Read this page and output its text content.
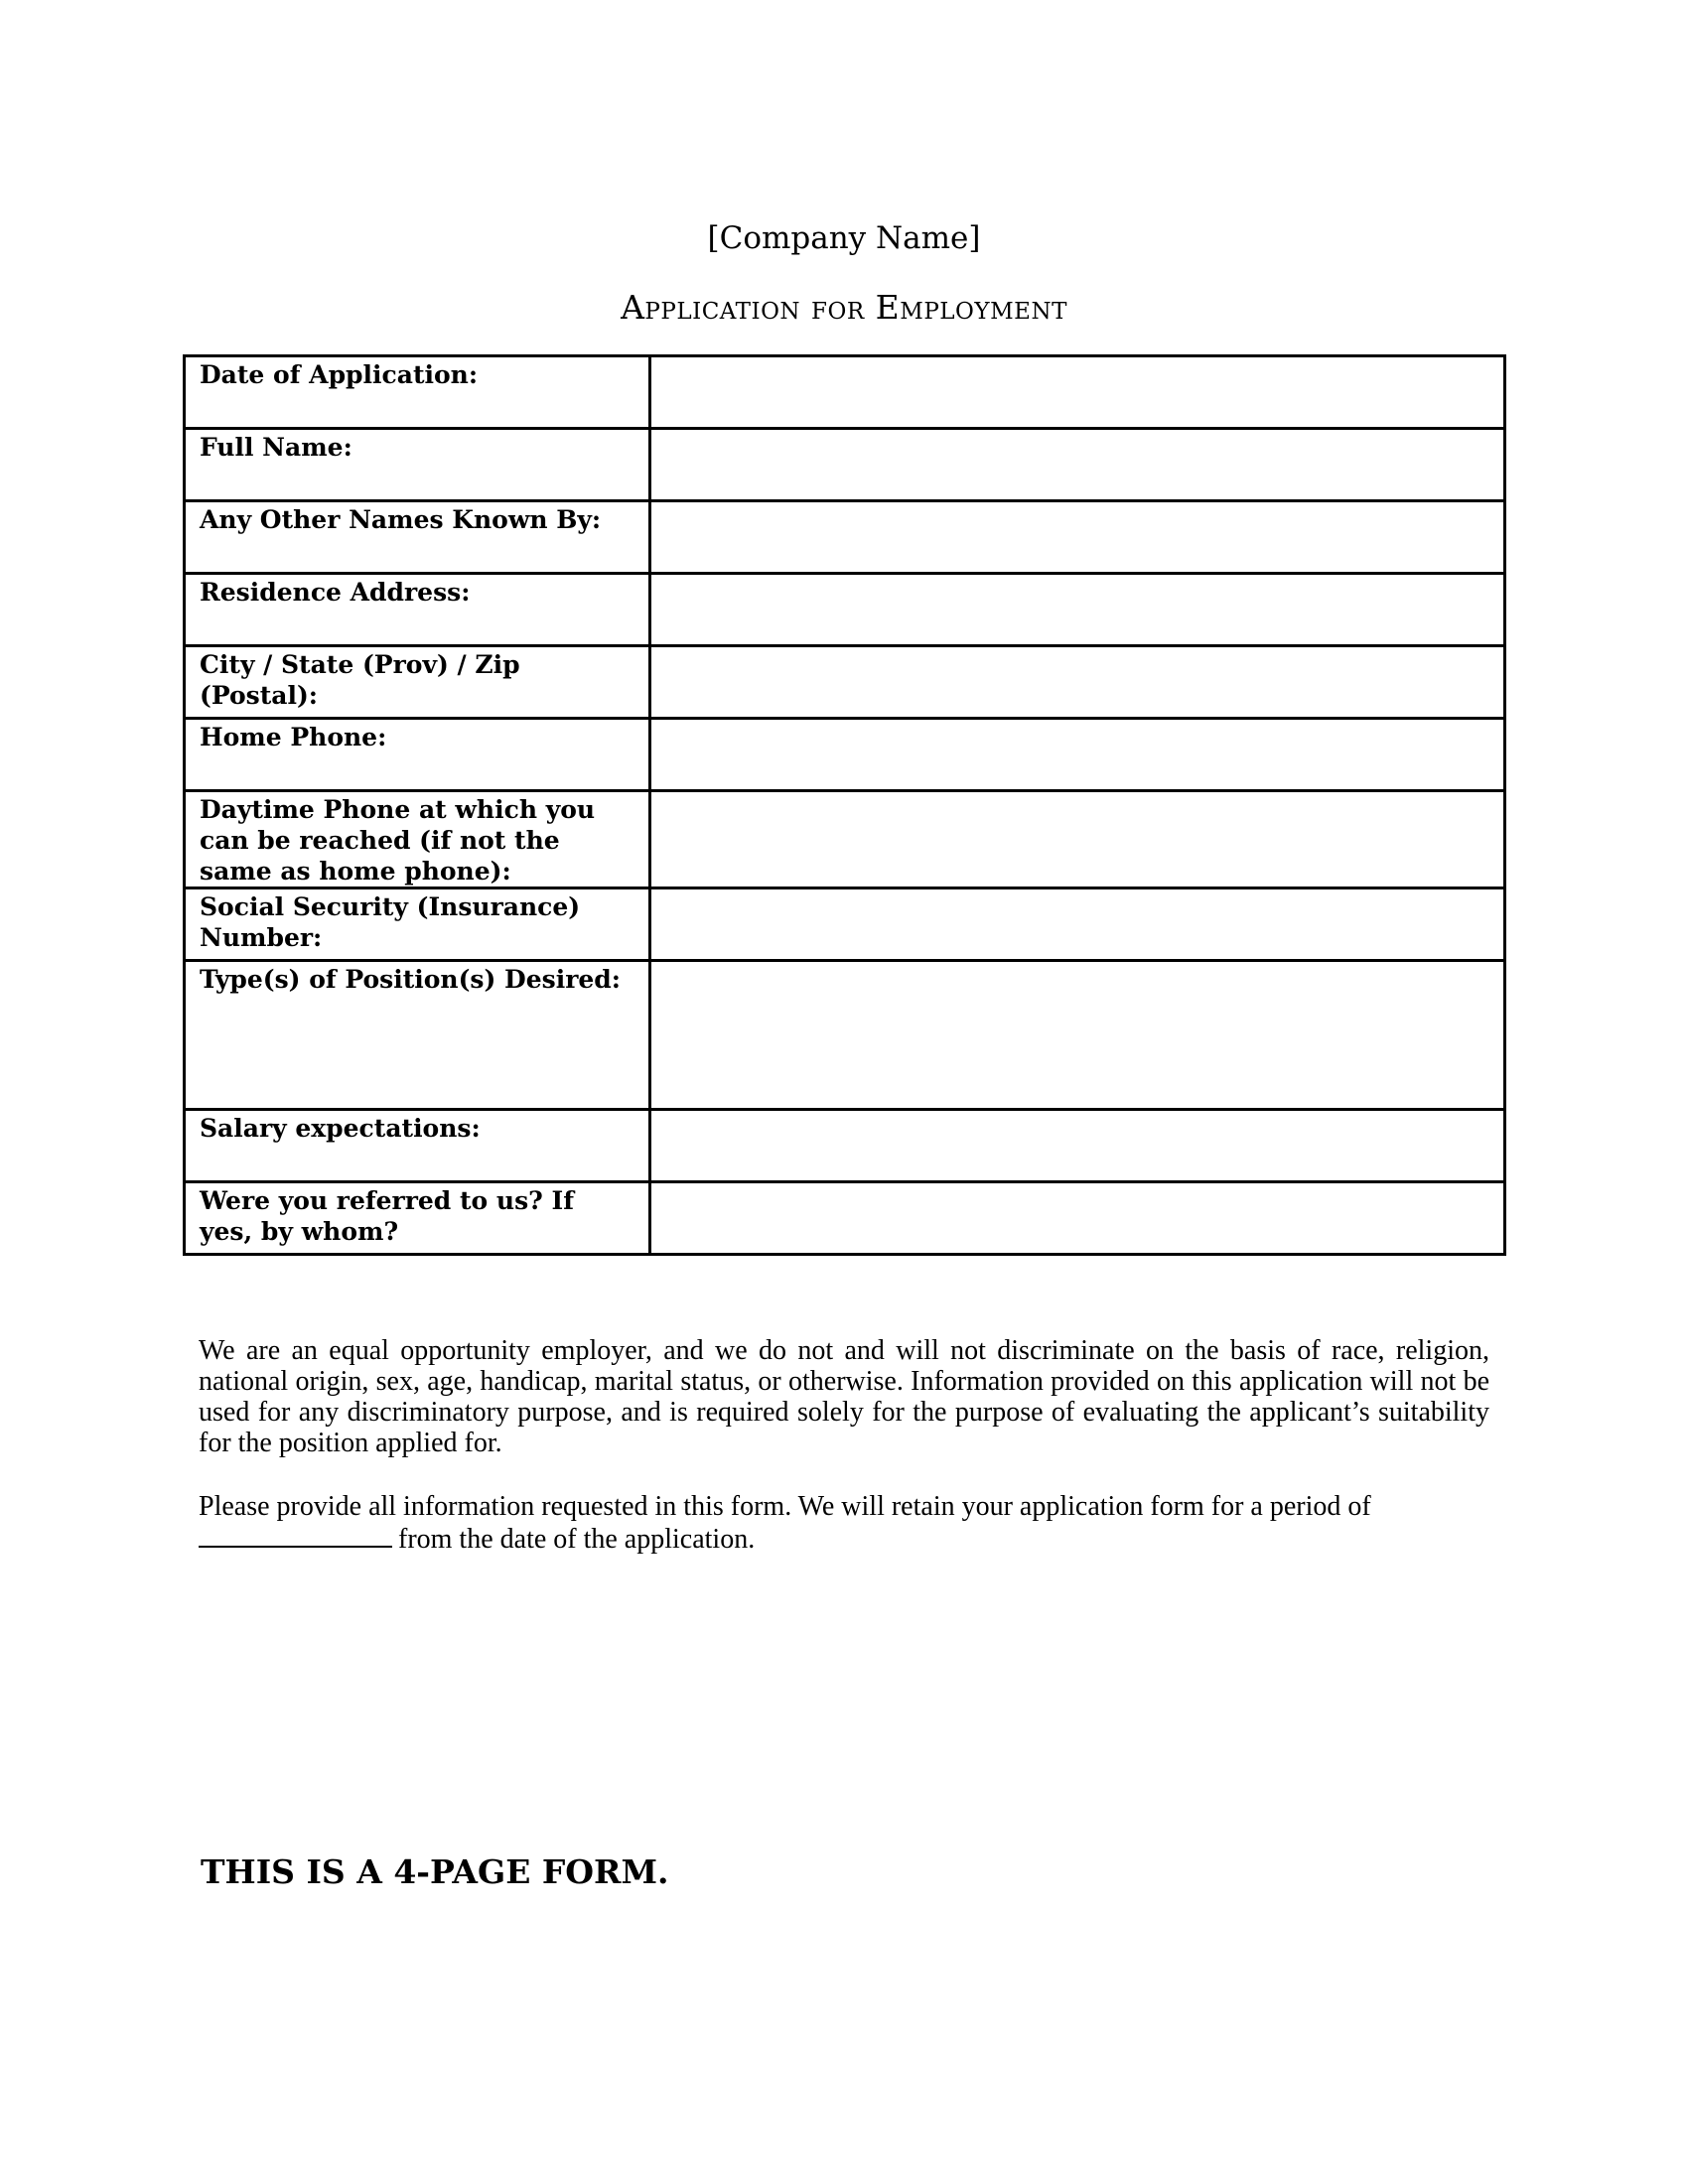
[Company Name]
Application for Employment
Date of Application:	
Full Name:	
Any Other Names Known By:	
Residence Address:	
City / State (Prov) / Zip (Postal):	
Home Phone:	
Daytime Phone at which you can be reached (if not the same as home phone):	
Social Security (Insurance) Number:	
Type(s) of Position(s) Desired:	
Salary expectations:	
Were you referred to us? If yes, by whom?	
We are an equal opportunity employer, and we do not and will not discriminate on the basis of race, religion, national origin, sex, age, handicap, marital status, or otherwise. Information provided on this application will not be used for any discriminatory purpose, and is required solely for the purpose of evaluating the applicant’s suitability for the position applied for.
Please provide all information requested in this form. We will retain your application form for a period of
from the date of the application.
THIS IS A 4-PAGE FORM.
